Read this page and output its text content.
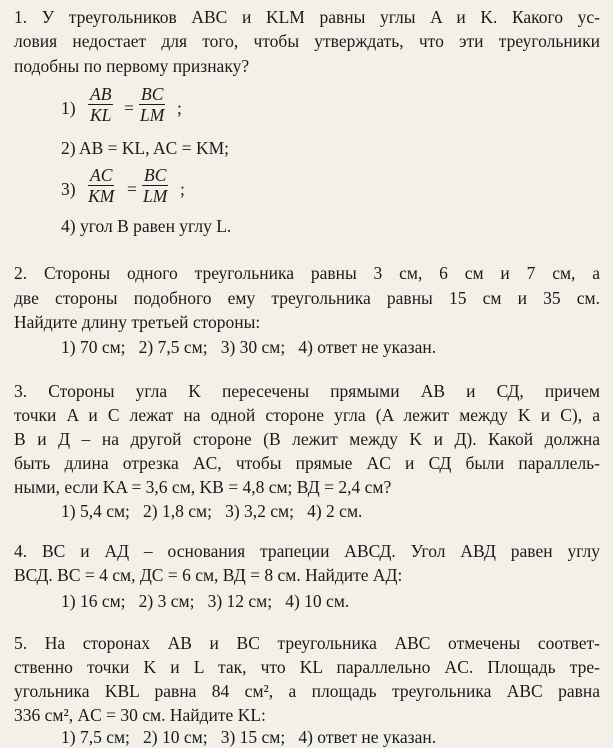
1. У треугольников ABC и KLM равны углы A и K. Какого ус-
ловия недостает для того, чтобы утверждать, что эти треугольники
подобны по первому признаку?
$1) \frac{AB}{KL} = \frac{BC}{LM}$ ;
2) AB = KL, AC = KM;
$3) \frac{AC}{KM} = \frac{BC}{LM}$ ;
4) угол B равен углу L.
2. Стороны одного треугольника равны 3 см, 6 см и 7 см, а
две стороны подобного ему треугольника равны 15 см и 35 см.
Найдите длину третьей стороны:
1) 70 см;   2) 7,5 см;   3) 30 см;   4) ответ не указан.
3. Стороны угла K пересечены прямыми AB и СД, причем
точки A и C лежат на одной стороне угла (A лежит между K и C), а
B и Д – на другой стороне (B лежит между K и Д). Какой должна
быть длина отрезка AC, чтобы прямые AC и СД были параллель-
ными, если KA = 3,6 см, KB = 4,8 см; ВД = 2,4 см?
1) 5,4 см;   2) 1,8 см;   3) 3,2 см;   4) 2 см.
4. BC и АД – основания трапеции АВСД. Угол АВД равен углу
ВСД. BC = 4 см, ДС = 6 см, ВД = 8 см. Найдите АД:
1) 16 см;   2) 3 см;   3) 12 см;   4) 10 см.
5. На сторонах AB и BC треугольника ABC отмечены соответ-
ственно точки K и L так, что KL параллельно AC. Площадь тре-
угольника KBL равна 84 см², а площадь треугольника ABC равна
336 см², AC = 30 см. Найдите KL:
1) 7,5 см;   2) 10 см;   3) 15 см;   4) ответ не указан.
